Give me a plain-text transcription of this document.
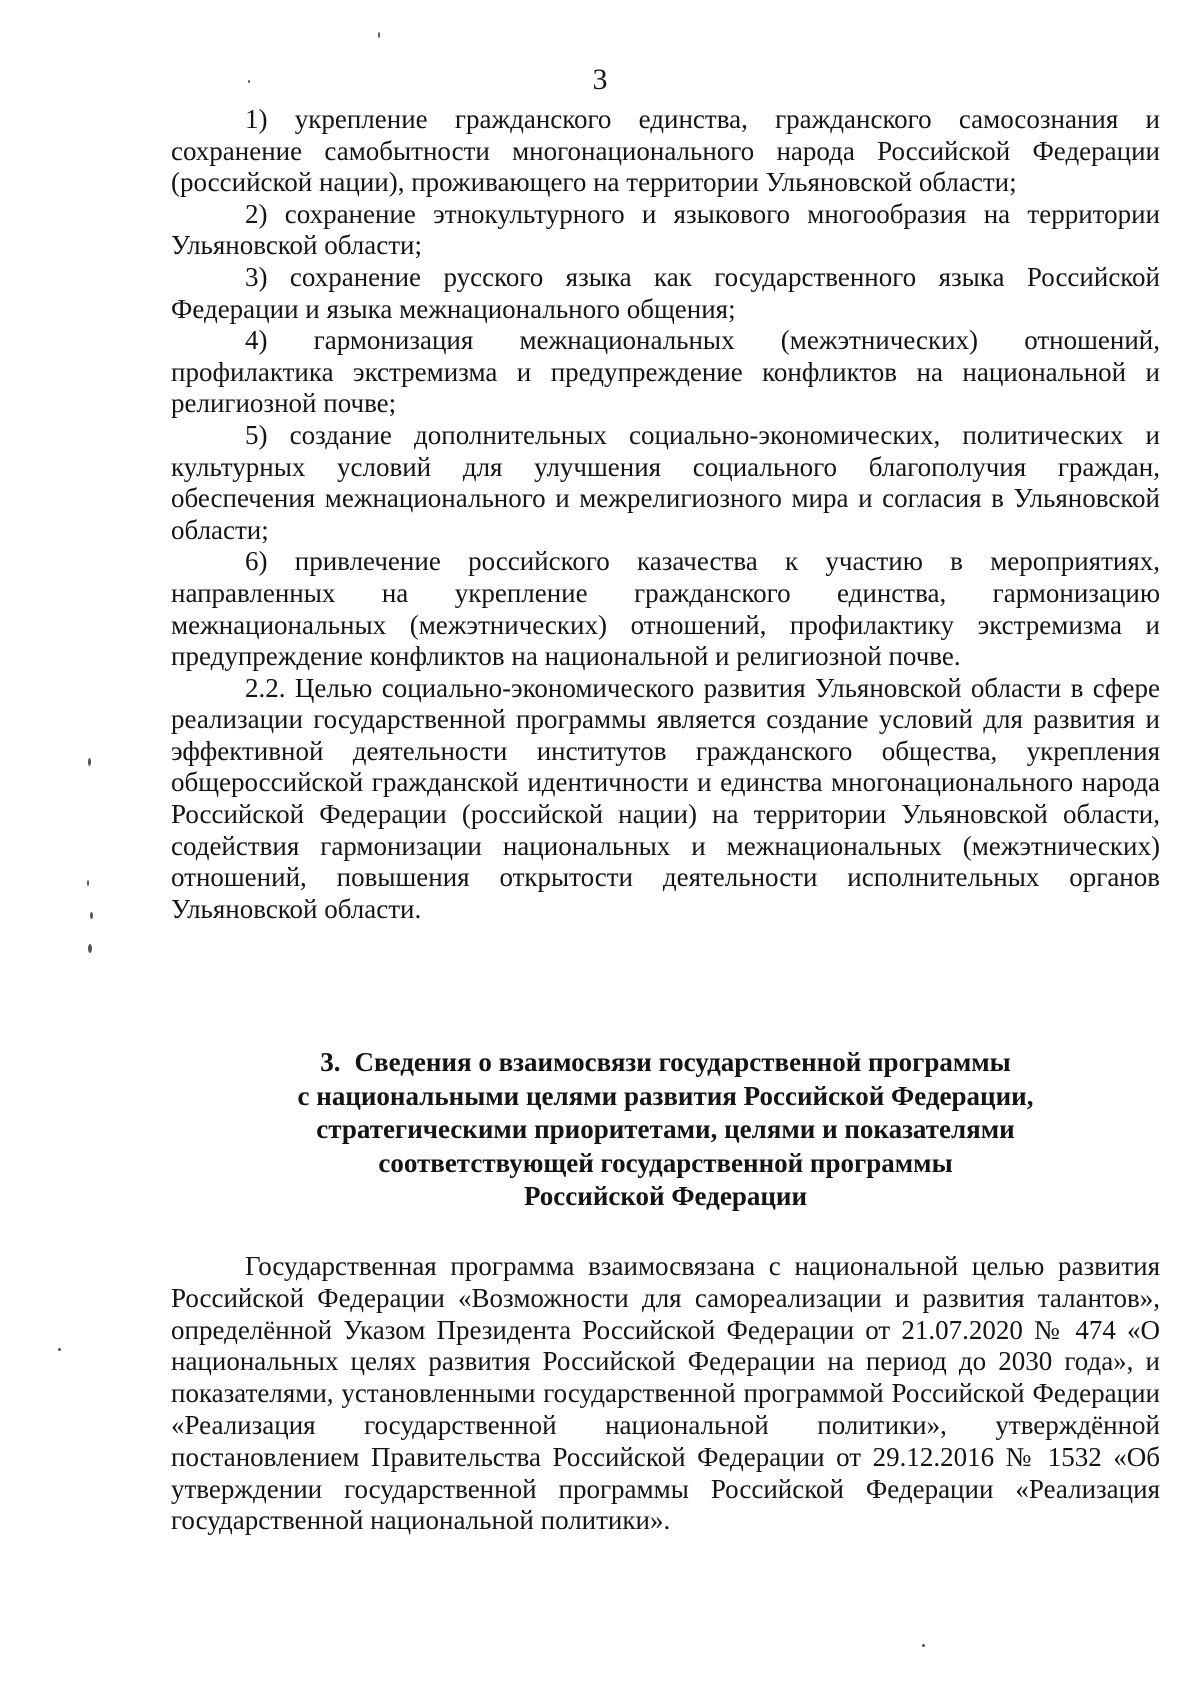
3

1) укрепление гражданского единства, гражданского самосознания и сохранение самобытности многонационального народа Российской Федерации (российской нации), проживающего на территории Ульяновской области;

2) сохранение этнокультурного и языкового многообразия на территории Ульяновской области;

3) сохранение русского языка как государственного языка Российской Федерации и языка межнационального общения;

4) гармонизация межнациональных (межэтнических) отношений, профилактика экстремизма и предупреждение конфликтов на национальной и религиозной почве;

5) создание дополнительных социально-экономических, политических и культурных условий для улучшения социального благополучия граждан, обеспечения межнационального и межрелигиозного мира и согласия в Ульяновской области;

6) привлечение российского казачества к участию в мероприятиях, направленных на укрепление гражданского единства, гармонизацию межнациональных (межэтнических) отношений, профилактику экстремизма и предупреждение конфликтов на национальной и религиозной почве.

2.2. Целью социально-экономического развития Ульяновской области в сфере реализации государственной программы является создание условий для развития и эффективной деятельности институтов гражданского общества, укрепления общероссийской гражданской идентичности и единства многонационального народа Российской Федерации (российской нации) на территории Ульяновской области, содействия гармонизации национальных и межнациональных (межэтнических) отношений, повышения открытости деятельности исполнительных органов Ульяновской области.

3. Сведения о взаимосвязи государственной программы
с национальными целями развития Российской Федерации,
стратегическими приоритетами, целями и показателями
соответствующей государственной программы
Российской Федерации

Государственная программа взаимосвязана с национальной целью развития Российской Федерации «Возможности для самореализации и развития талантов», определённой Указом Президента Российской Федерации от 21.07.2020 № 474 «О национальных целях развития Российской Федерации на период до 2030 года», и показателями, установленными государственной программой Российской Федерации «Реализация государственной национальной политики», утверждённой постановлением Правительства Российской Федерации от 29.12.2016 № 1532 «Об утверждении государственной программы Российской Федерации «Реализация государственной национальной политики».
